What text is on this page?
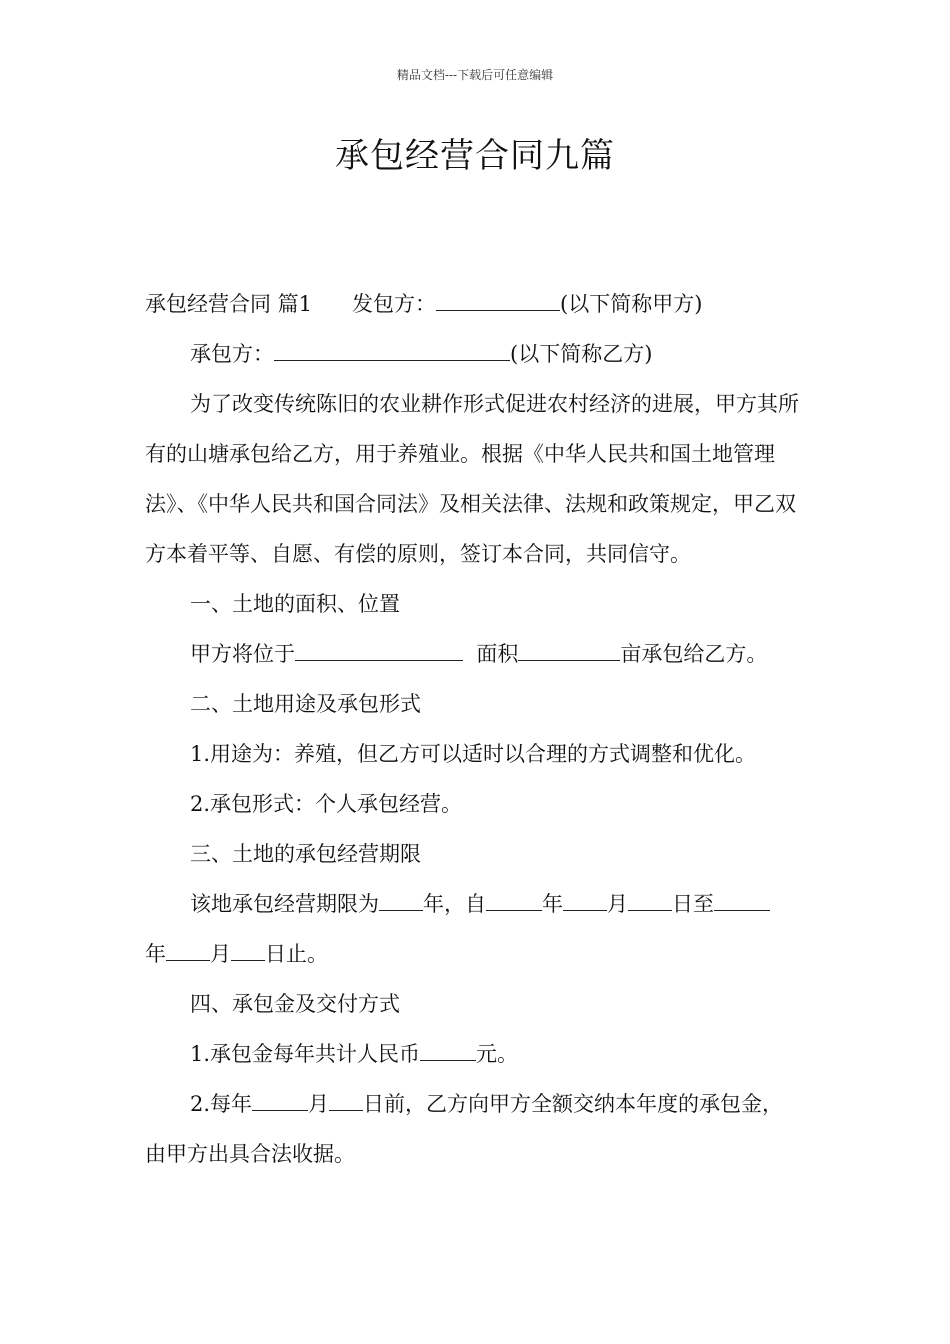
精品文档---下载后可任意编辑
承包经营合同九篇

承包经营合同 篇1 发包方：	(以下简称甲方)

承包方：	(以下简称乙方)

为了改变传统陈旧的农业耕作形式促进农村经济的进展，甲方其所有的山塘承包给乙方，用于养殖业。根据《中华人民共和国土地管理法》、《中华人民共和国合同法》及相关法律、法规和政策规定，甲乙双方本着平等、自愿、有偿的原则，签订本合同，共同信守。

一、土地的面积、位置

甲方将位于	面积	亩承包给乙方。

二、土地用途及承包形式

1.用途为：养殖，但乙方可以适时以合理的方式调整和优化。

2.承包形式：个人承包经营。

三、土地的承包经营期限

该地承包经营期限为 年，自	年 月 日至

年 月 日止。

四、承包金及交付方式

1.承包金每年共计人民币	元。

2.每年	月 日前，乙方向甲方全额交纳本年度的承包金，

由甲方出具合法收据。
